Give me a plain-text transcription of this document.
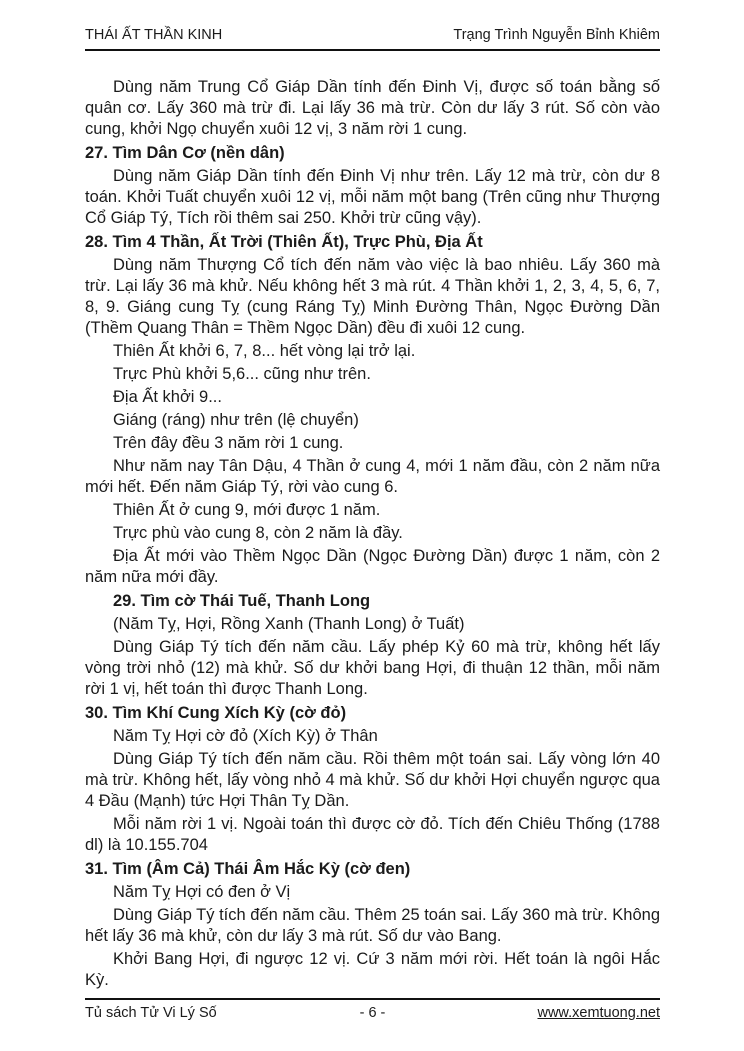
THÁI ẤT THẦN KINH	Trạng Trình Nguyễn Bỉnh Khiêm

Dùng năm Trung Cổ Giáp Dần tính đến Đinh Vị, được số toán bằng số quân cơ. Lấy 360 mà trừ đi. Lại lấy 36 mà trừ. Còn dư lấy 3 rút. Số còn vào cung, khởi Ngọ chuyển xuôi 12 vị, 3 năm rời 1 cung.

27. Tìm Dân Cơ (nền dân)

Dùng năm Giáp Dần tính đến Đinh Vị như trên. Lấy 12 mà trừ, còn dư 8 toán. Khởi Tuất chuyển xuôi 12 vị, mỗi năm một bang (Trên cũng như Thượng Cổ Giáp Tý, Tích rồi thêm sai 250. Khởi trừ cũng vậy).

28. Tìm 4 Thần, Ất Trời (Thiên Ất), Trực Phù, Địa Ất

Dùng năm Thượng Cổ tích đến năm vào việc là bao nhiêu. Lấy 360 mà trừ. Lại lấy 36 mà khử. Nếu không hết 3 mà rút. 4 Thần khởi 1, 2, 3, 4, 5, 6, 7, 8, 9. Giáng cung Tỵ (cung Ráng Tỵ) Minh Đường Thân, Ngọc Đường Dần (Thềm Quang Thân = Thềm Ngọc Dần) đều đi xuôi 12 cung.

Thiên Ất khởi 6, 7, 8... hết vòng lại trở lại.

Trực Phù khởi 5,6... cũng như trên.

Địa Ất khởi 9...

Giáng (ráng) như trên (lệ chuyển)

Trên đây đều 3 năm rời 1 cung.

Như năm nay Tân Dậu, 4 Thần ở cung 4, mới 1 năm đầu, còn 2 năm nữa mới hết. Đến năm Giáp Tý, rời vào cung 6.

Thiên Ất ở cung 9, mới được 1 năm.

Trực phù vào cung 8, còn 2 năm là đầy.

Địa Ất mới vào Thềm Ngọc Dần (Ngọc Đường Dần) được 1 năm, còn 2 năm nữa mới đầy.

29. Tìm cờ Thái Tuế, Thanh Long

(Năm Tỵ, Hợi, Rồng Xanh (Thanh Long) ở Tuất)

Dùng Giáp Tý tích đến năm cầu. Lấy phép Kỷ 60 mà trừ, không hết lấy vòng trời nhỏ (12) mà khử. Số dư khởi bang Hợi, đi thuận 12 thần, mỗi năm rời 1 vị, hết toán thì được Thanh Long.

30. Tìm Khí Cung Xích Kỳ (cờ đỏ)

Năm Tỵ Hợi cờ đỏ (Xích Kỳ) ở Thân

Dùng Giáp Tý tích đến năm cầu. Rồi thêm một toán sai. Lấy vòng lớn 40 mà trừ. Không hết, lấy vòng nhỏ 4 mà khử. Số dư khởi Hợi chuyển ngược qua 4 Đầu (Mạnh) tức Hợi Thân Tỵ Dần.

Mỗi năm rời 1 vị. Ngoài toán thì được cờ đỏ. Tích đến Chiêu Thống (1788 dl) là 10.155.704

31. Tìm (Âm Cả) Thái Âm Hắc Kỳ (cờ đen)

Năm Tỵ Hợi có đen ở Vị

Dùng Giáp Tý tích đến năm cầu. Thêm 25 toán sai. Lấy 360 mà trừ. Không hết lấy 36 mà khử, còn dư lấy 3 mà rút. Số dư vào Bang.

Khởi Bang Hợi, đi ngược 12 vị. Cứ 3 năm mới rời. Hết toán là ngôi Hắc Kỳ.

Tủ sách Tử Vi Lý Số	- 6 -	www.xemtuong.net
